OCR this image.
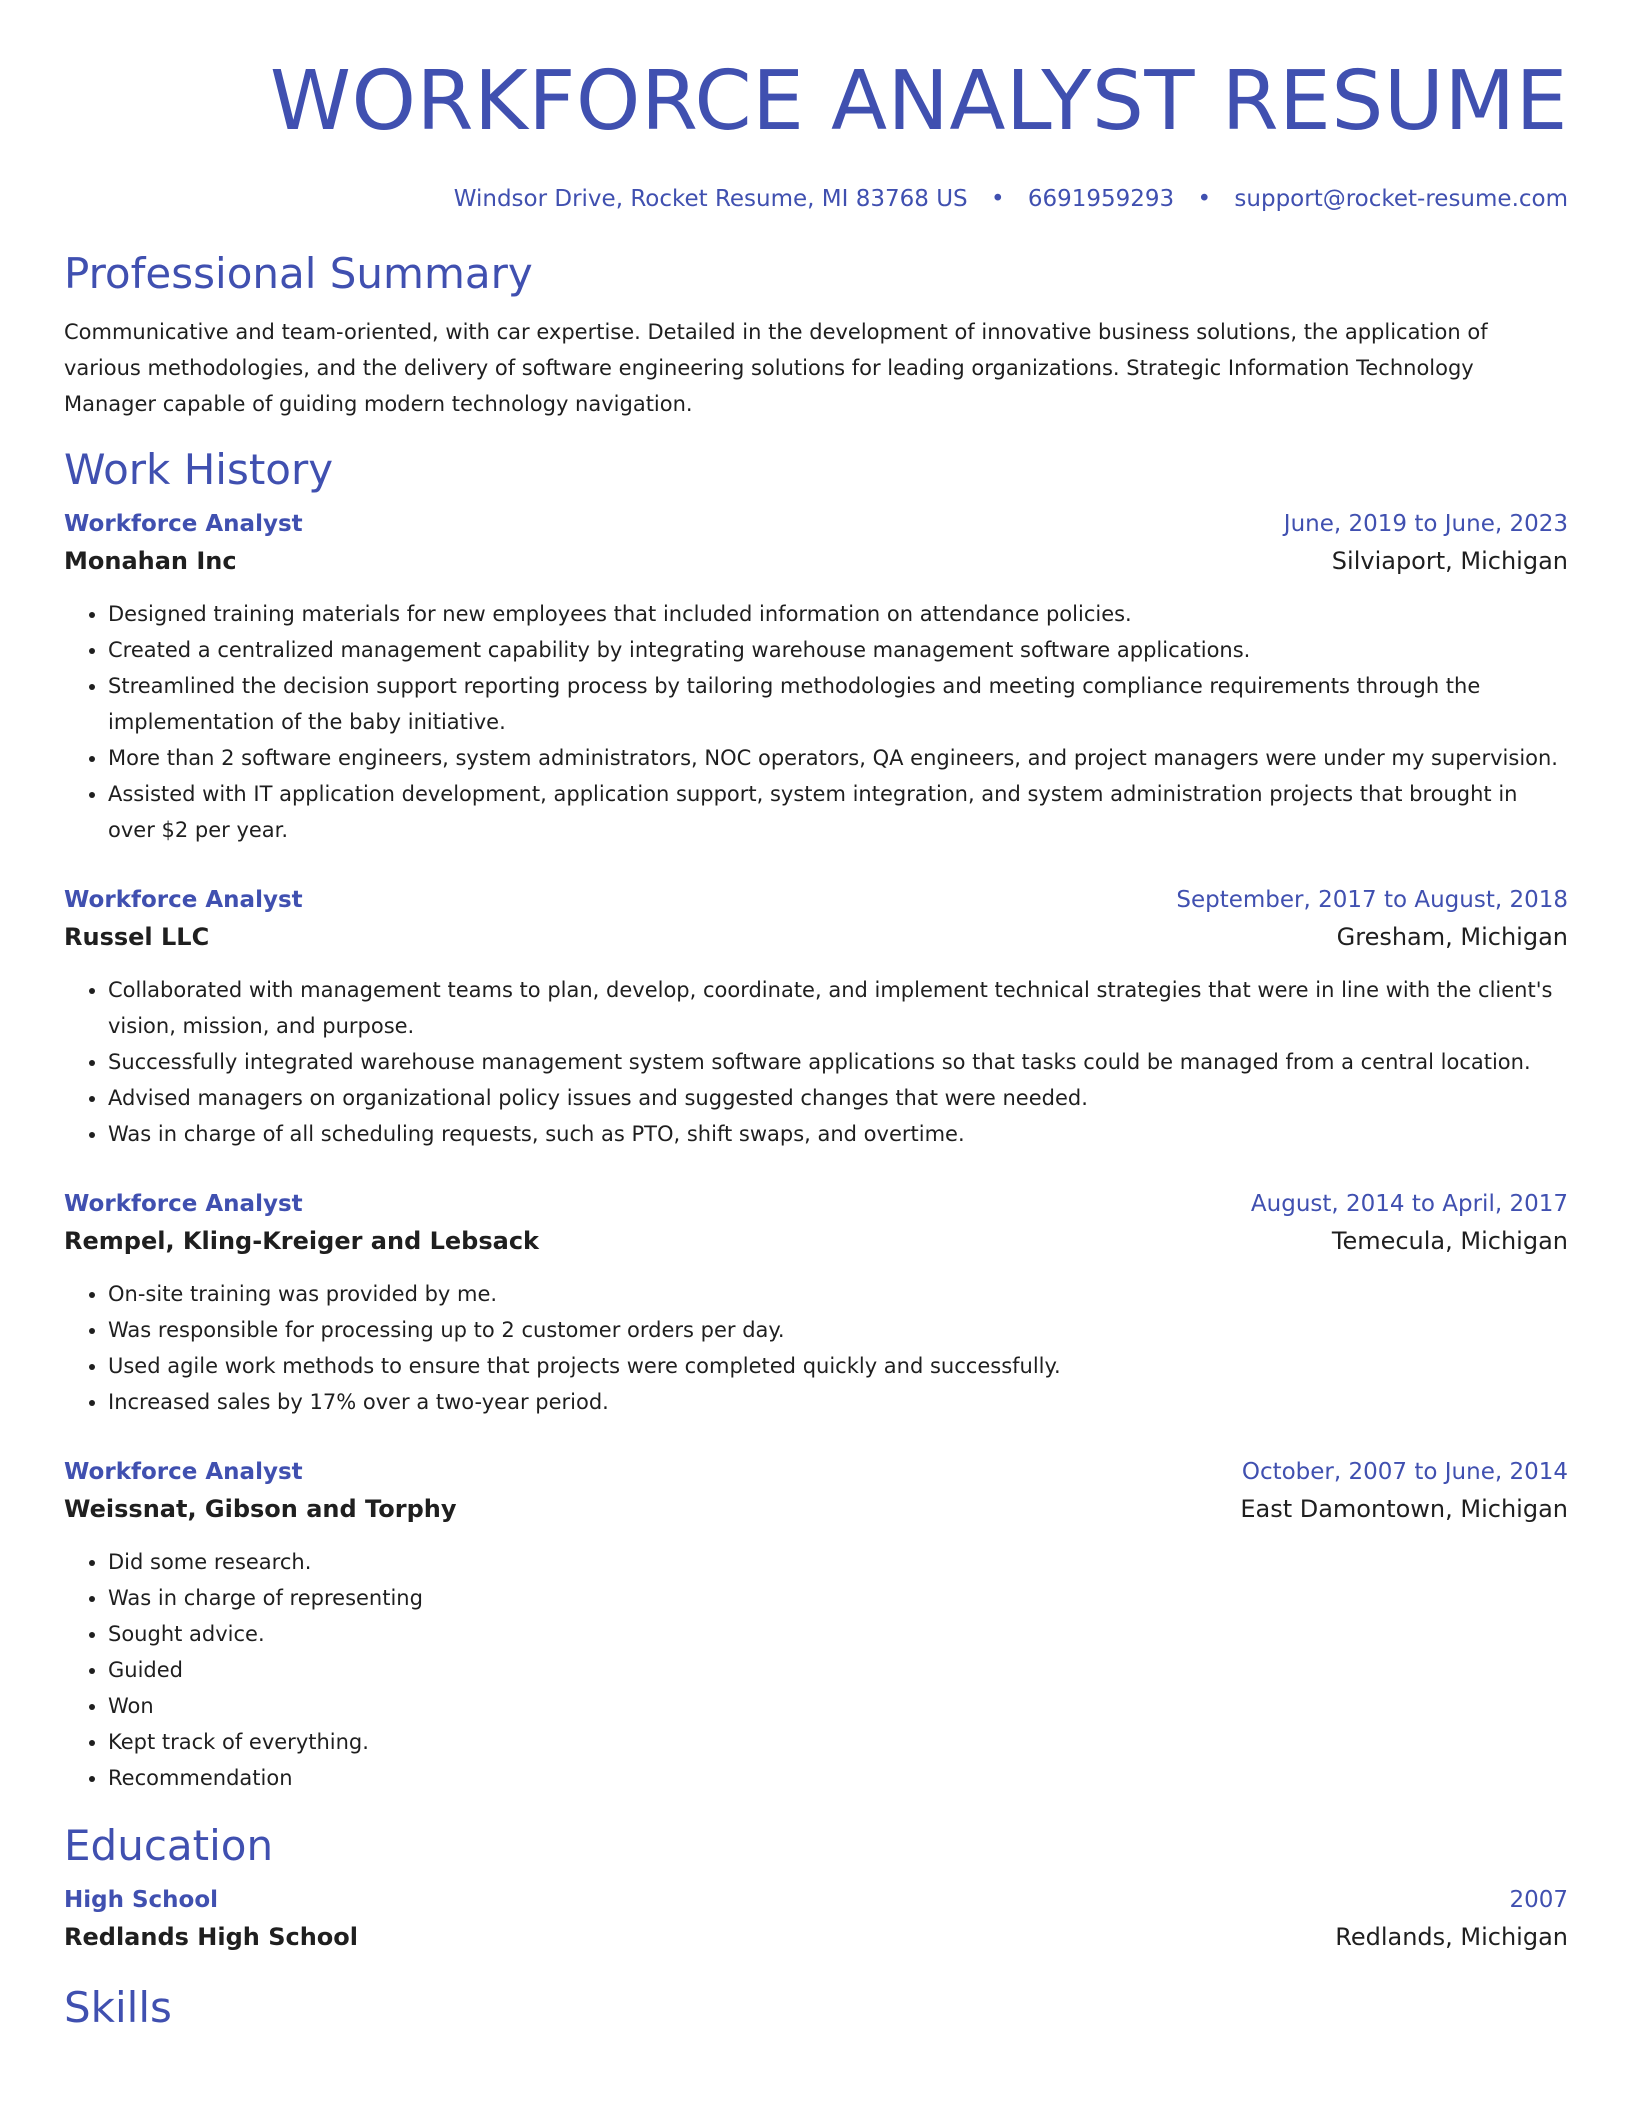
WORKFORCE ANALYST RESUME
Windsor Drive, Rocket Resume, MI 83768 US • 6691959293 • support@rocket-resume.com
Professional Summary

Communicative and team-oriented, with car expertise. Detailed in the development of innovative business solutions, the application of various methodologies, and the delivery of software engineering solutions for leading organizations. Strategic Information Technology Manager capable of guiding modern technology navigation.

Work History
Workforce Analyst	June, 2019 to June, 2023
Monahan Inc	Silviaport, Michigan
• Designed training materials for new employees that included information on attendance policies.
• Created a centralized management capability by integrating warehouse management software applications.
• Streamlined the decision support reporting process by tailoring methodologies and meeting compliance requirements through the implementation of the baby initiative.
• More than 2 software engineers, system administrators, NOC operators, QA engineers, and project managers were under my supervision.
• Assisted with IT application development, application support, system integration, and system administration projects that brought in over $2 per year.
Workforce Analyst	September, 2017 to August, 2018
Russel LLC	Gresham, Michigan
• Collaborated with management teams to plan, develop, coordinate, and implement technical strategies that were in line with the client's vision, mission, and purpose.
• Successfully integrated warehouse management system software applications so that tasks could be managed from a central location.
• Advised managers on organizational policy issues and suggested changes that were needed.
• Was in charge of all scheduling requests, such as PTO, shift swaps, and overtime.
Workforce Analyst	August, 2014 to April, 2017
Rempel, Kling-Kreiger and Lebsack	Temecula, Michigan
• On-site training was provided by me.
• Was responsible for processing up to 2 customer orders per day.
• Used agile work methods to ensure that projects were completed quickly and successfully.
• Increased sales by 17% over a two-year period.
Workforce Analyst	October, 2007 to June, 2014
Weissnat, Gibson and Torphy	East Damontown, Michigan
• Did some research.
• Was in charge of representing
• Sought advice.
• Guided
• Won
• Kept track of everything.
• Recommendation
Education
High School	2007
Redlands High School	Redlands, Michigan
Skills
